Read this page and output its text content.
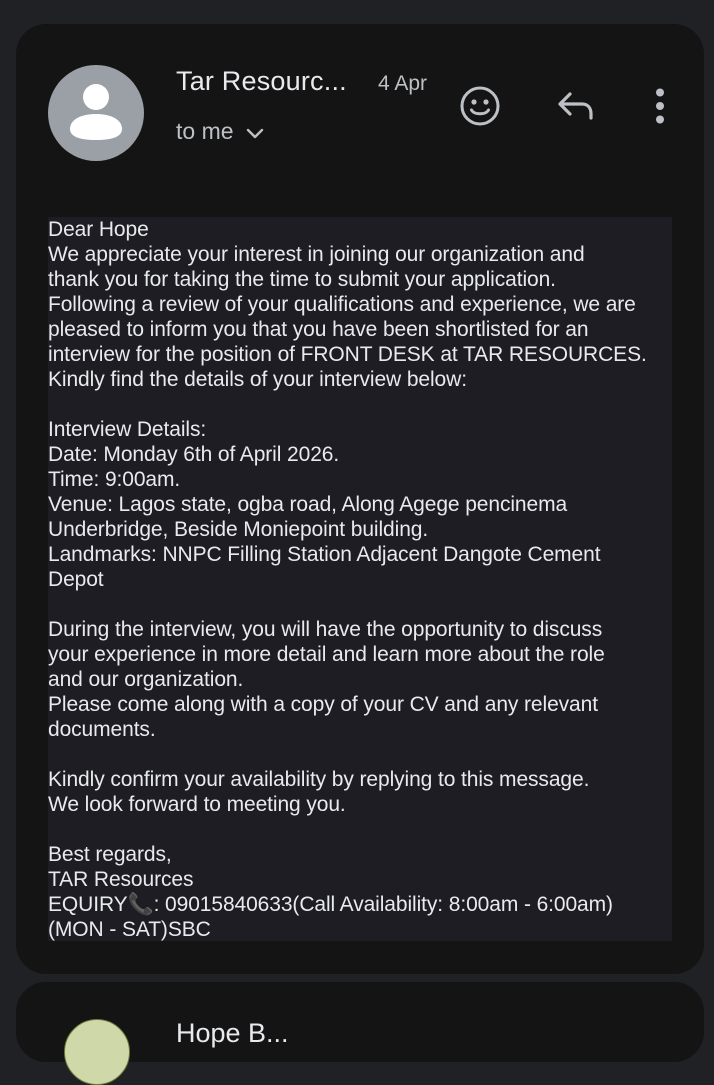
Tar Resourc... 4 Apr
to me

Dear Hope

We appreciate your interest in joining our organization and

thank you for taking the time to submit your application.

Following a review of your qualifications and experience, we are

pleased to inform you that you have been shortlisted for an

interview for the position of FRONT DESK at TAR RESOURCES.

Kindly find the details of your interview below:

Interview Details:

Date: Monday 6th of April 2026.

Time: 9:00am.

Venue: Lagos state, ogba road, Along Agege pencinema

Underbridge, Beside Moniepoint building.

Landmarks: NNPC Filling Station Adjacent Dangote Cement

Depot

During the interview, you will have the opportunity to discuss

your experience in more detail and learn more about the role

and our organization.

Please come along with a copy of your CV and any relevant

documents.

Kindly confirm your availability by replying to this message.

We look forward to meeting you.

Best regards,

TAR Resources

EQUIRY📞: 09015840633(Call Availability: 8:00am - 6:00am)

(MON - SAT)SBC

Hope B...
